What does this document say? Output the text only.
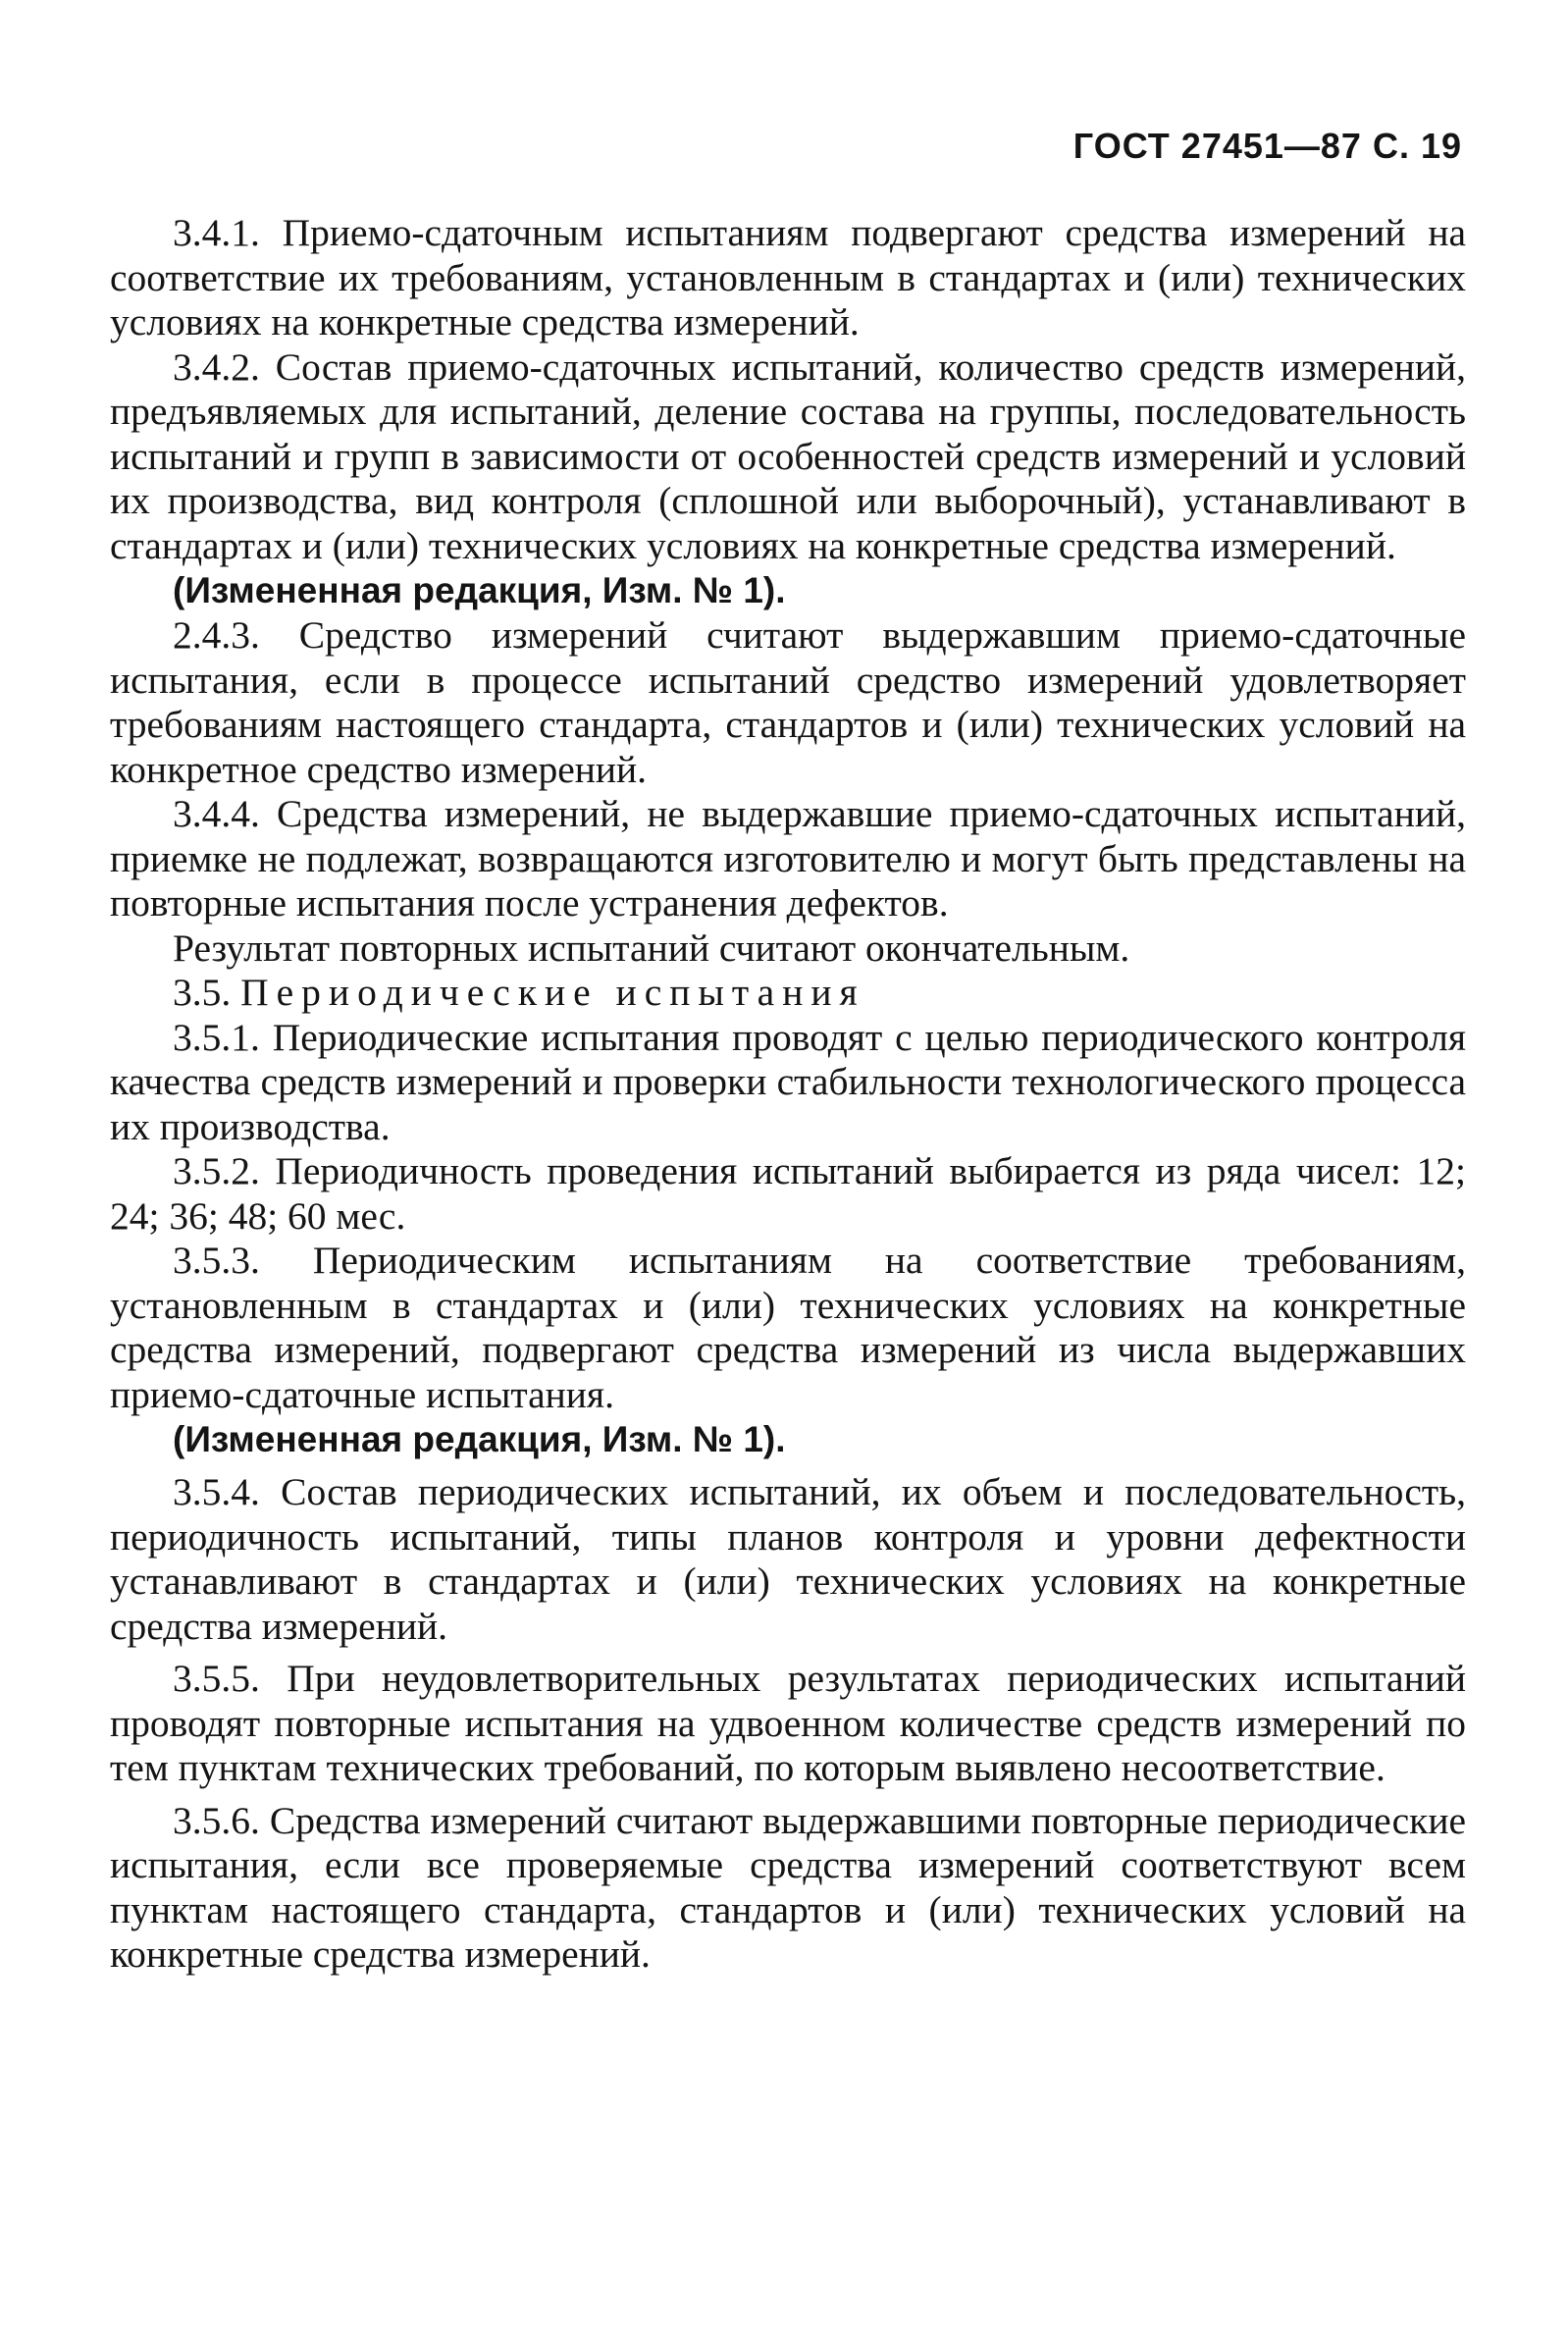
ГОСТ 27451—87 С. 19

3.4.1. Приемо-сдаточным испытаниям подвергают средства измерений на соответствие их требованиям, установленным в стандартах и (или) технических условиях на конкретные средства измерений.

3.4.2. Состав приемо-сдаточных испытаний, количество средств измерений, предъявляемых для испытаний, деление состава на группы, последовательность испытаний и групп в зависимости от особенностей средств измерений и условий их производства, вид контроля (сплошной или выборочный), устанавливают в стандартах и (или) технических условиях на конкретные средства измерений.

(Измененная редакция, Изм. № 1).

2.4.3. Средство измерений считают выдержавшим приемо-сдаточные испытания, если в процессе испытаний средство измерений удовлетворяет требованиям настоящего стандарта, стандартов и (или) технических условий на конкретное средство измерений.

3.4.4. Средства измерений, не выдержавшие приемо-сдаточных испытаний, приемке не подлежат, возвращаются изготовителю и могут быть представлены на повторные испытания после устранения дефектов.

Результат повторных испытаний считают окончательным.

3.5. Периодические испытания

3.5.1. Периодические испытания проводят с целью периодического контроля качества средств измерений и проверки стабильности технологического процесса их производства.

3.5.2. Периодичность проведения испытаний выбирается из ряда чисел: 12; 24; 36; 48; 60 мес.

3.5.3. Периодическим испытаниям на соответствие требованиям, установленным в стандартах и (или) технических условиях на конкретные средства измерений, подвергают средства измерений из числа выдержавших приемо-сдаточные испытания.

(Измененная редакция, Изм. № 1).

3.5.4. Состав периодических испытаний, их объем и последовательность, периодичность испытаний, типы планов контроля и уровни дефектности устанавливают в стандартах и (или) технических условиях на конкретные средства измерений.

3.5.5. При неудовлетворительных результатах периодических испытаний проводят повторные испытания на удвоенном количестве средств измерений по тем пунктам технических требований, по которым выявлено несоответствие.

3.5.6. Средства измерений считают выдержавшими повторные периодические испытания, если все проверяемые средства измерений соответствуют всем пунктам настоящего стандарта, стандартов и (или) технических условий на конкретные средства измерений.
